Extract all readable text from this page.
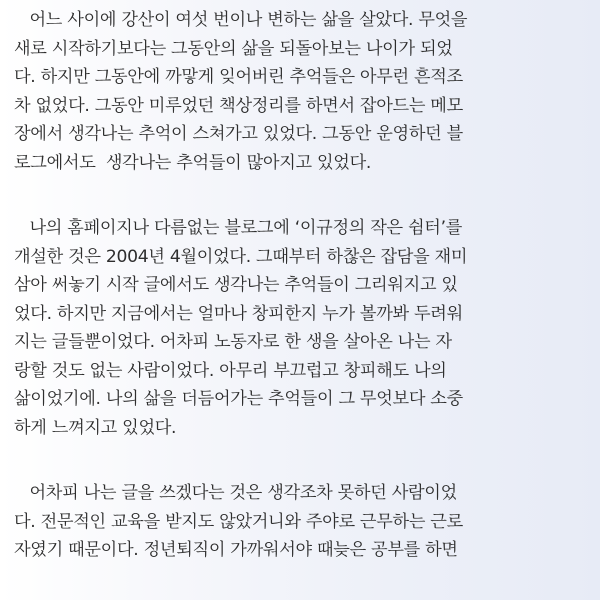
어느 사이에 강산이 여섯 번이나 변하는 삶을 살았다. 무엇을
새로 시작하기보다는 그동안의 삶을 되돌아보는 나이가 되었
다. 하지만 그동안에 까맣게 잊어버린 추억들은 아무런 흔적조
차 없었다. 그동안 미루었던 책상정리를 하면서 잡아드는 메모
장에서 생각나는 추억이 스쳐가고 있었다. 그동안 운영하던 블
로그에서도  생각나는 추억들이 많아지고 있었다.
나의 홈페이지나 다름없는 블로그에 ‘이규정의 작은 쉼터’를
개설한 것은 2004년 4월이었다. 그때부터 하찮은 잡담을 재미
삼아 써놓기 시작 글에서도 생각나는 추억들이 그리워지고 있
었다. 하지만 지금에서는 얼마나 창피한지 누가 볼까봐 두려워
지는 글들뿐이었다. 어차피 노동자로 한 생을 살아온 나는 자
랑할 것도 없는 사람이었다. 아무리 부끄럽고 창피해도 나의
삶이었기에. 나의 삶을 더듬어가는 추억들이 그 무엇보다 소중
하게 느껴지고 있었다.
어차피 나는 글을 쓰겠다는 것은 생각조차 못하던 사람이었
다. 전문적인 교육을 받지도 않았거니와 주야로 근무하는 근로
자였기 때문이다. 정년퇴직이 가까워서야 때늦은 공부를 하면
